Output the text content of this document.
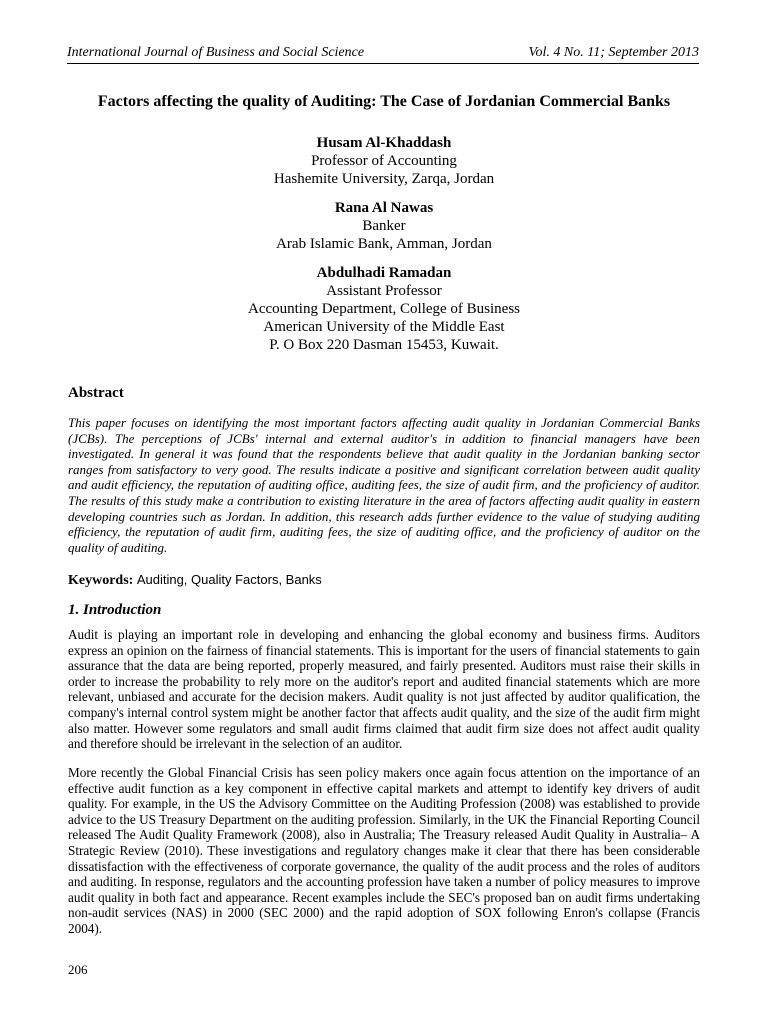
International Journal of Business and Social Science	Vol. 4 No. 11; September 2013
Factors affecting the quality of Auditing: The Case of Jordanian Commercial Banks
Husam Al-Khaddash
Professor of Accounting
Hashemite University, Zarqa, Jordan
Rana Al Nawas
Banker
Arab Islamic Bank, Amman, Jordan
Abdulhadi Ramadan
Assistant Professor
Accounting Department, College of Business
American University of the Middle East
P. O Box 220 Dasman 15453, Kuwait.
Abstract
This paper focuses on identifying the most important factors affecting audit quality in Jordanian Commercial Banks (JCBs). The perceptions of JCBs' internal and external auditor's in addition to financial managers have been investigated. In general it was found that the respondents believe that audit quality in the Jordanian banking sector ranges from satisfactory to very good. The results indicate a positive and significant correlation between audit quality and audit efficiency, the reputation of auditing office, auditing fees, the size of audit firm, and the proficiency of auditor. The results of this study make a contribution to existing literature in the area of factors affecting audit quality in eastern developing countries such as Jordan. In addition, this research adds further evidence to the value of studying auditing efficiency, the reputation of audit firm, auditing fees, the size of auditing office, and the proficiency of auditor on the quality of auditing.
Keywords: Auditing, Quality Factors, Banks
1. Introduction
Audit is playing an important role in developing and enhancing the global economy and business firms. Auditors express an opinion on the fairness of financial statements. This is important for the users of financial statements to gain assurance that the data are being reported, properly measured, and fairly presented. Auditors must raise their skills in order to increase the probability to rely more on the auditor's report and audited financial statements which are more relevant, unbiased and accurate for the decision makers. Audit quality is not just affected by auditor qualification, the company's internal control system might be another factor that affects audit quality, and the size of the audit firm might also matter. However some regulators and small audit firms claimed that audit firm size does not affect audit quality and therefore should be irrelevant in the selection of an auditor.
More recently the Global Financial Crisis has seen policy makers once again focus attention on the importance of an effective audit function as a key component in effective capital markets and attempt to identify key drivers of audit quality. For example, in the US the Advisory Committee on the Auditing Profession (2008) was established to provide advice to the US Treasury Department on the auditing profession. Similarly, in the UK the Financial Reporting Council released The Audit Quality Framework (2008), also in Australia; The Treasury released Audit Quality in Australia– A Strategic Review (2010). These investigations and regulatory changes make it clear that there has been considerable dissatisfaction with the effectiveness of corporate governance, the quality of the audit process and the roles of auditors and auditing. In response, regulators and the accounting profession have taken a number of policy measures to improve audit quality in both fact and appearance. Recent examples include the SEC's proposed ban on audit firms undertaking non-audit services (NAS) in 2000 (SEC 2000) and the rapid adoption of SOX following Enron's collapse (Francis 2004).
206
